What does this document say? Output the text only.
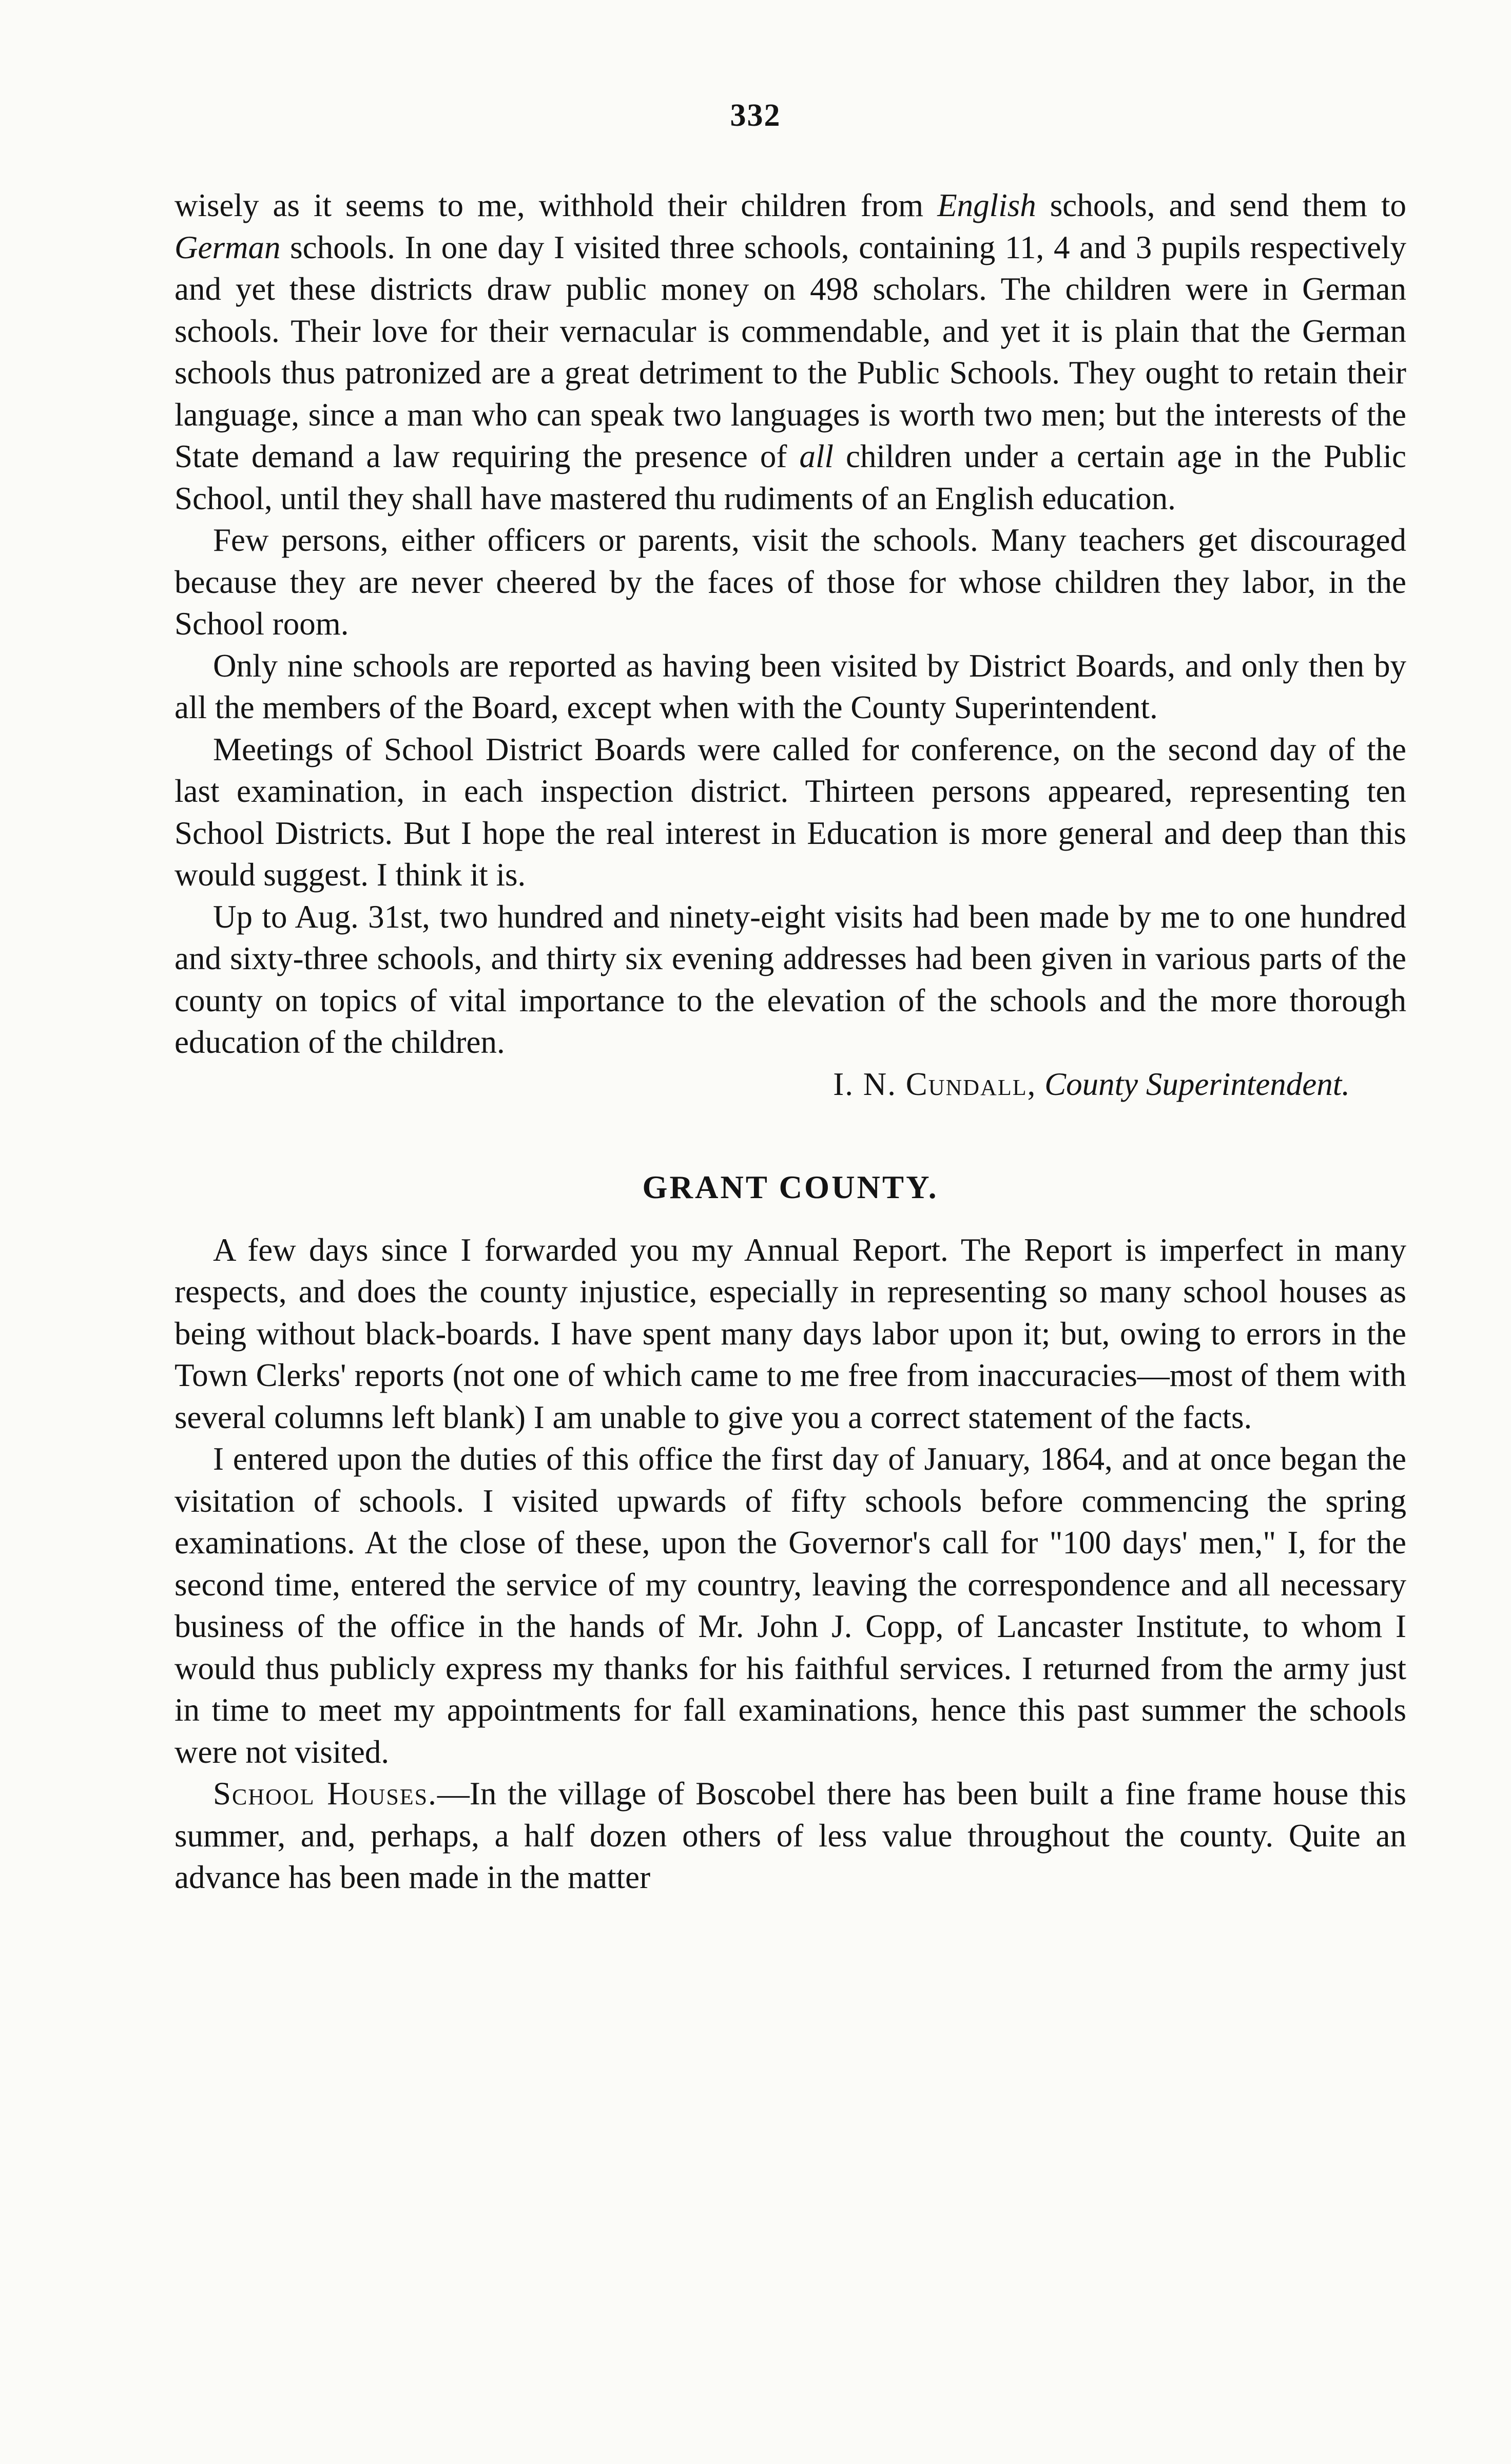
332

wisely as it seems to me, withhold their children from English schools, and send them to German schools. In one day I visited three schools, containing 11, 4 and 3 pupils respectively and yet these districts draw public money on 498 scholars. The children were in German schools. Their love for their vernacular is commendable, and yet it is plain that the German schools thus patronized are a great detriment to the Public Schools. They ought to retain their language, since a man who can speak two languages is worth two men; but the interests of the State demand a law requiring the presence of all children under a certain age in the Public School, until they shall have mastered thu rudiments of an English education.

Few persons, either officers or parents, visit the schools. Many teachers get discouraged because they are never cheered by the faces of those for whose children they labor, in the School room.

Only nine schools are reported as having been visited by District Boards, and only then by all the members of the Board, except when with the County Superintendent.

Meetings of School District Boards were called for conference, on the second day of the last examination, in each inspection district. Thirteen persons appeared, representing ten School Districts. But I hope the real interest in Education is more general and deep than this would suggest. I think it is.

Up to Aug. 31st, two hundred and ninety-eight visits had been made by me to one hundred and sixty-three schools, and thirty six evening addresses had been given in various parts of the county on topics of vital importance to the elevation of the schools and the more thorough education of the children.

I. N. Cundall, County Superintendent.

GRANT COUNTY.

A few days since I forwarded you my Annual Report. The Report is imperfect in many respects, and does the county injustice, especially in representing so many school houses as being without black-boards. I have spent many days labor upon it; but, owing to errors in the Town Clerks' reports (not one of which came to me free from inaccuracies—most of them with several columns left blank) I am unable to give you a correct statement of the facts.

I entered upon the duties of this office the first day of January, 1864, and at once began the visitation of schools. I visited upwards of fifty schools before commencing the spring examinations. At the close of these, upon the Governor's call for "100 days' men," I, for the second time, entered the service of my country, leaving the correspondence and all necessary business of the office in the hands of Mr. John J. Copp, of Lancaster Institute, to whom I would thus publicly express my thanks for his faithful services. I returned from the army just in time to meet my appointments for fall examinations, hence this past summer the schools were not visited.

School Houses.—In the village of Boscobel there has been built a fine frame house this summer, and, perhaps, a half dozen others of less value throughout the county. Quite an advance has been made in the matter
